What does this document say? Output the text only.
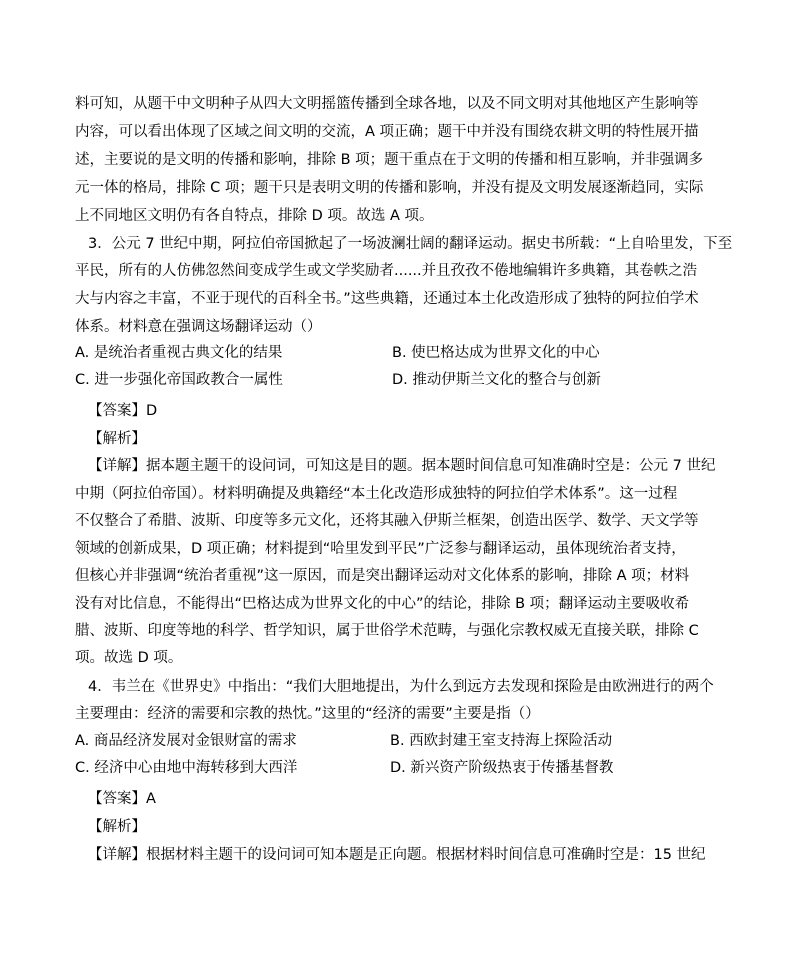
料可知，从题干中文明种子从四大文明摇篮传播到全球各地，以及不同文明对其他地区产生影响等
内容，可以看出体现了区域之间文明的交流，A 项正确；题干中并没有围绕农耕文明的特性展开描
述，主要说的是文明的传播和影响，排除 B 项；题干重点在于文明的传播和相互影响，并非强调多
元一体的格局，排除 C 项；题干只是表明文明的传播和影响，并没有提及文明发展逐渐趋同，实际
上不同地区文明仍有各自特点，排除 D 项。故选 A 项。
3．公元 7 世纪中期，阿拉伯帝国掀起了一场波澜壮阔的翻译运动。据史书所载：“上自哈里发，下至
平民，所有的人仿佛忽然间变成学生或文学奖励者......并且孜孜不倦地编辑许多典籍，其卷帙之浩
大与内容之丰富，不亚于现代的百科全书。”这些典籍，还通过本土化改造形成了独特的阿拉伯学术
体系。材料意在强调这场翻译运动（）
A. 是统治者重视古典文化的结果	B. 使巴格达成为世界文化的中心
C. 进一步强化帝国政教合一属性	D. 推动伊斯兰文化的整合与创新
【答案】D
【解析】
【详解】据本题主题干的设问词，可知这是目的题。据本题时间信息可知准确时空是：公元 7 世纪
中期（阿拉伯帝国）。材料明确提及典籍经“本土化改造形成独特的阿拉伯学术体系”。这一过程
不仅整合了希腊、波斯、印度等多元文化，还将其融入伊斯兰框架，创造出医学、数学、天文学等
领域的创新成果，D 项正确；材料提到“哈里发到平民”广泛参与翻译运动，虽体现统治者支持，
但核心并非强调“统治者重视”这一原因，而是突出翻译运动对文化体系的影响，排除 A 项；材料
没有对比信息，不能得出“巴格达成为世界文化的中心”的结论，排除 B 项；翻译运动主要吸收希
腊、波斯、印度等地的科学、哲学知识，属于世俗学术范畴，与强化宗教权威无直接关联，排除 C
项。故选 D 项。
4．韦兰在《世界史》中指出：“我们大胆地提出，为什么到远方去发现和探险是由欧洲进行的两个
主要理由：经济的需要和宗教的热忱。”这里的“经济的需要”主要是指（）
A. 商品经济发展对金银财富的需求	B. 西欧封建王室支持海上探险活动
C. 经济中心由地中海转移到大西洋	D. 新兴资产阶级热衷于传播基督教
【答案】A
【解析】
【详解】根据材料主题干的设问词可知本题是正向题。根据材料时间信息可准确时空是：15 世纪
